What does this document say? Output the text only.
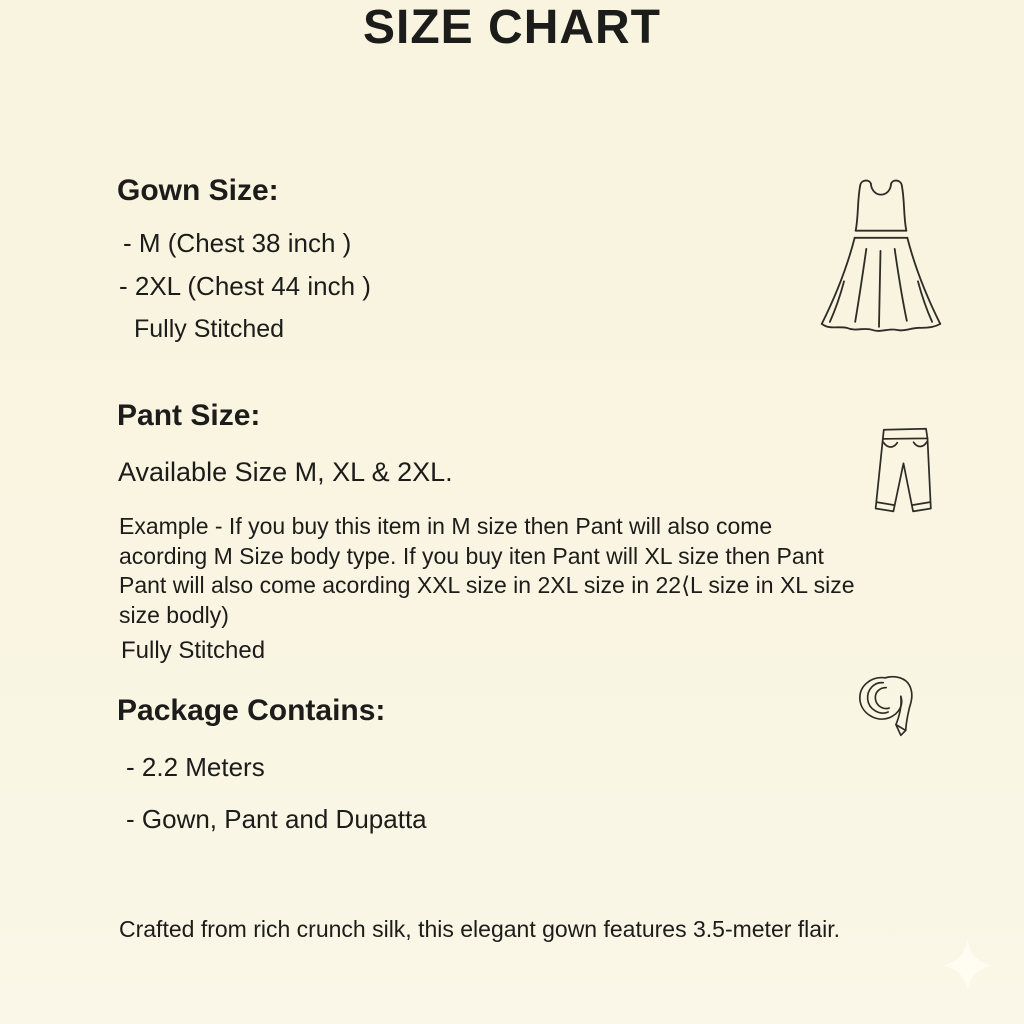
SIZE CHART
Gown Size:
- M (Chest 38 inch )
- 2XL (Chest 44 inch )
Fully Stitched
Pant Size:
Available Size M, XL & 2XL.
Example - If you buy this item in M size then Pant will also come
acording M Size body type. If you buy iten Pant will XL size then Pant
Pant will also come acording XXL size in 2XL size in 22⟨L size in XL size
size bodly)
Fully Stitched
Package Contains:
- 2.2 Meters
- Gown, Pant and Dupatta
Crafted from rich crunch silk, this elegant gown features 3.5-meter flair.
